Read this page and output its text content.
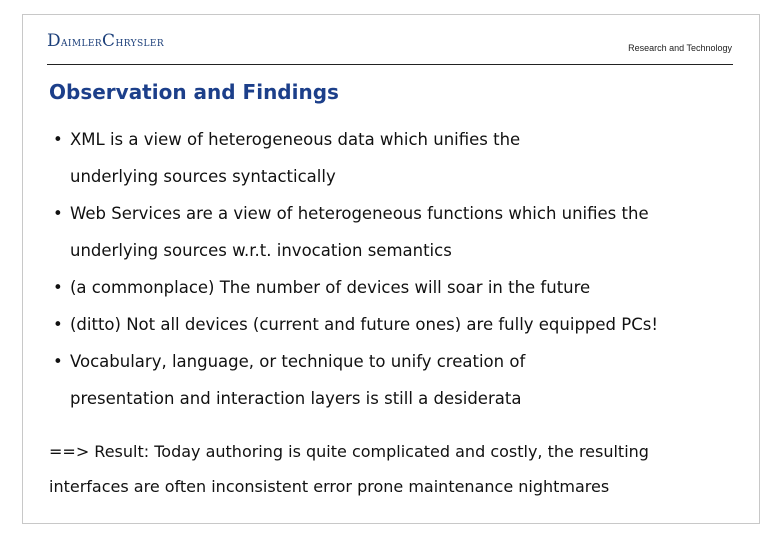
DaimlerChrysler	Research and Technology
Observation and Findings
• XML is a view of heterogeneous data which unifies the
underlying sources syntactically
• Web Services are a view of heterogeneous functions which unifies the
underlying sources w.r.t. invocation semantics
• (a commonplace) The number of devices will soar in the future
• (ditto) Not all devices (current and future ones) are fully equipped PCs!
• Vocabulary, language, or technique to unify creation of
presentation and interaction layers is still a desiderata
==> Result: Today authoring is quite complicated and costly, the resulting
interfaces are often inconsistent error prone maintenance nightmares
